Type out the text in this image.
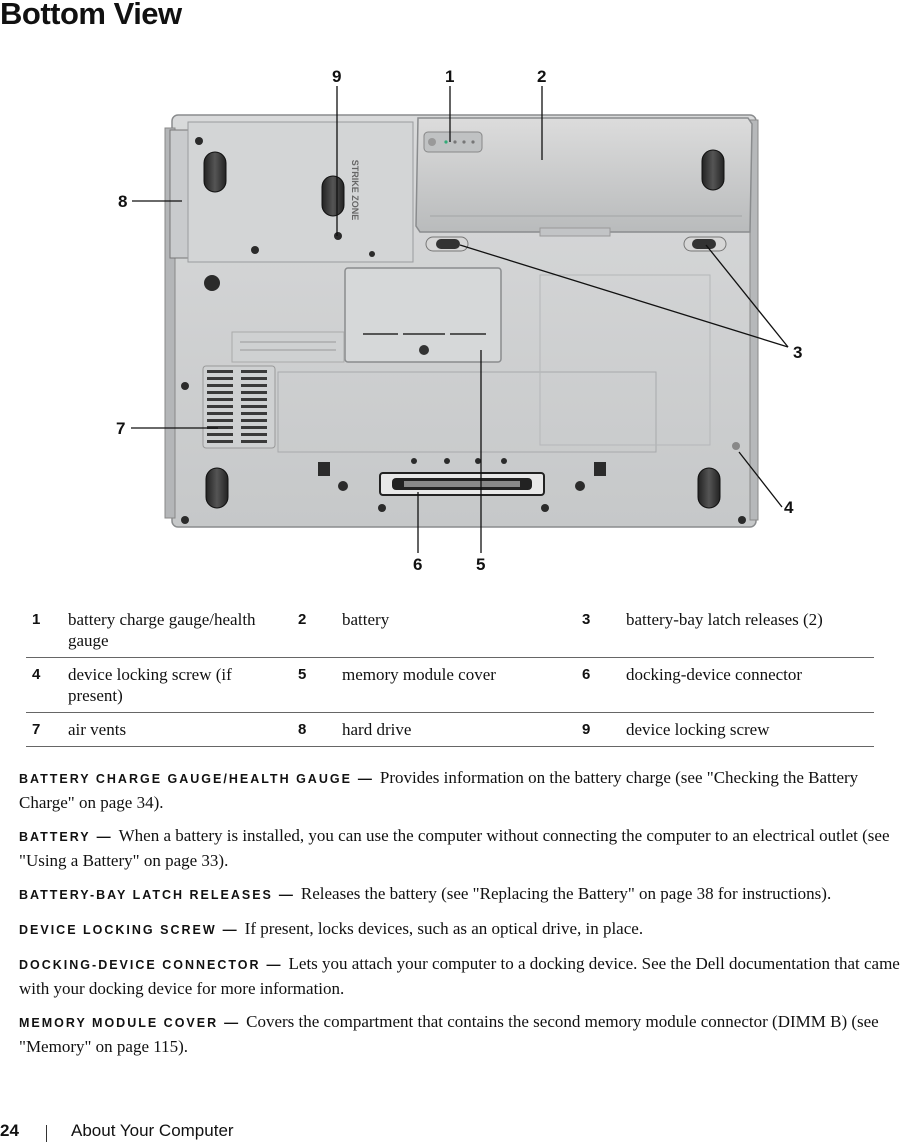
Bottom View
STRIKE ZONE
9	1	2
8
3
7
4
6	5
1	battery charge gauge/health gauge	2	battery	3	battery-bay latch releases (2)
4	device locking screw (if present)	5	memory module cover	6	docking-device connector
7	air vents	8	hard drive	9	device locking screw

BATTERY CHARGE GAUGE/HEALTH GAUGE — Provides information on the battery charge (see "Checking the Battery Charge" on page 34).

BATTERY — When a battery is installed, you can use the computer without connecting the computer to an electrical outlet (see "Using a Battery" on page 33).

BATTERY-BAY LATCH RELEASES — Releases the battery (see "Replacing the Battery" on page 38 for instructions).

DEVICE LOCKING SCREW — If present, locks devices, such as an optical drive, in place.

DOCKING-DEVICE CONNECTOR — Lets you attach your computer to a docking device. See the Dell documentation that came with your docking device for more information.

MEMORY MODULE COVER — Covers the compartment that contains the second memory module connector (DIMM B) (see "Memory" on page 115).

24	About Your Computer
